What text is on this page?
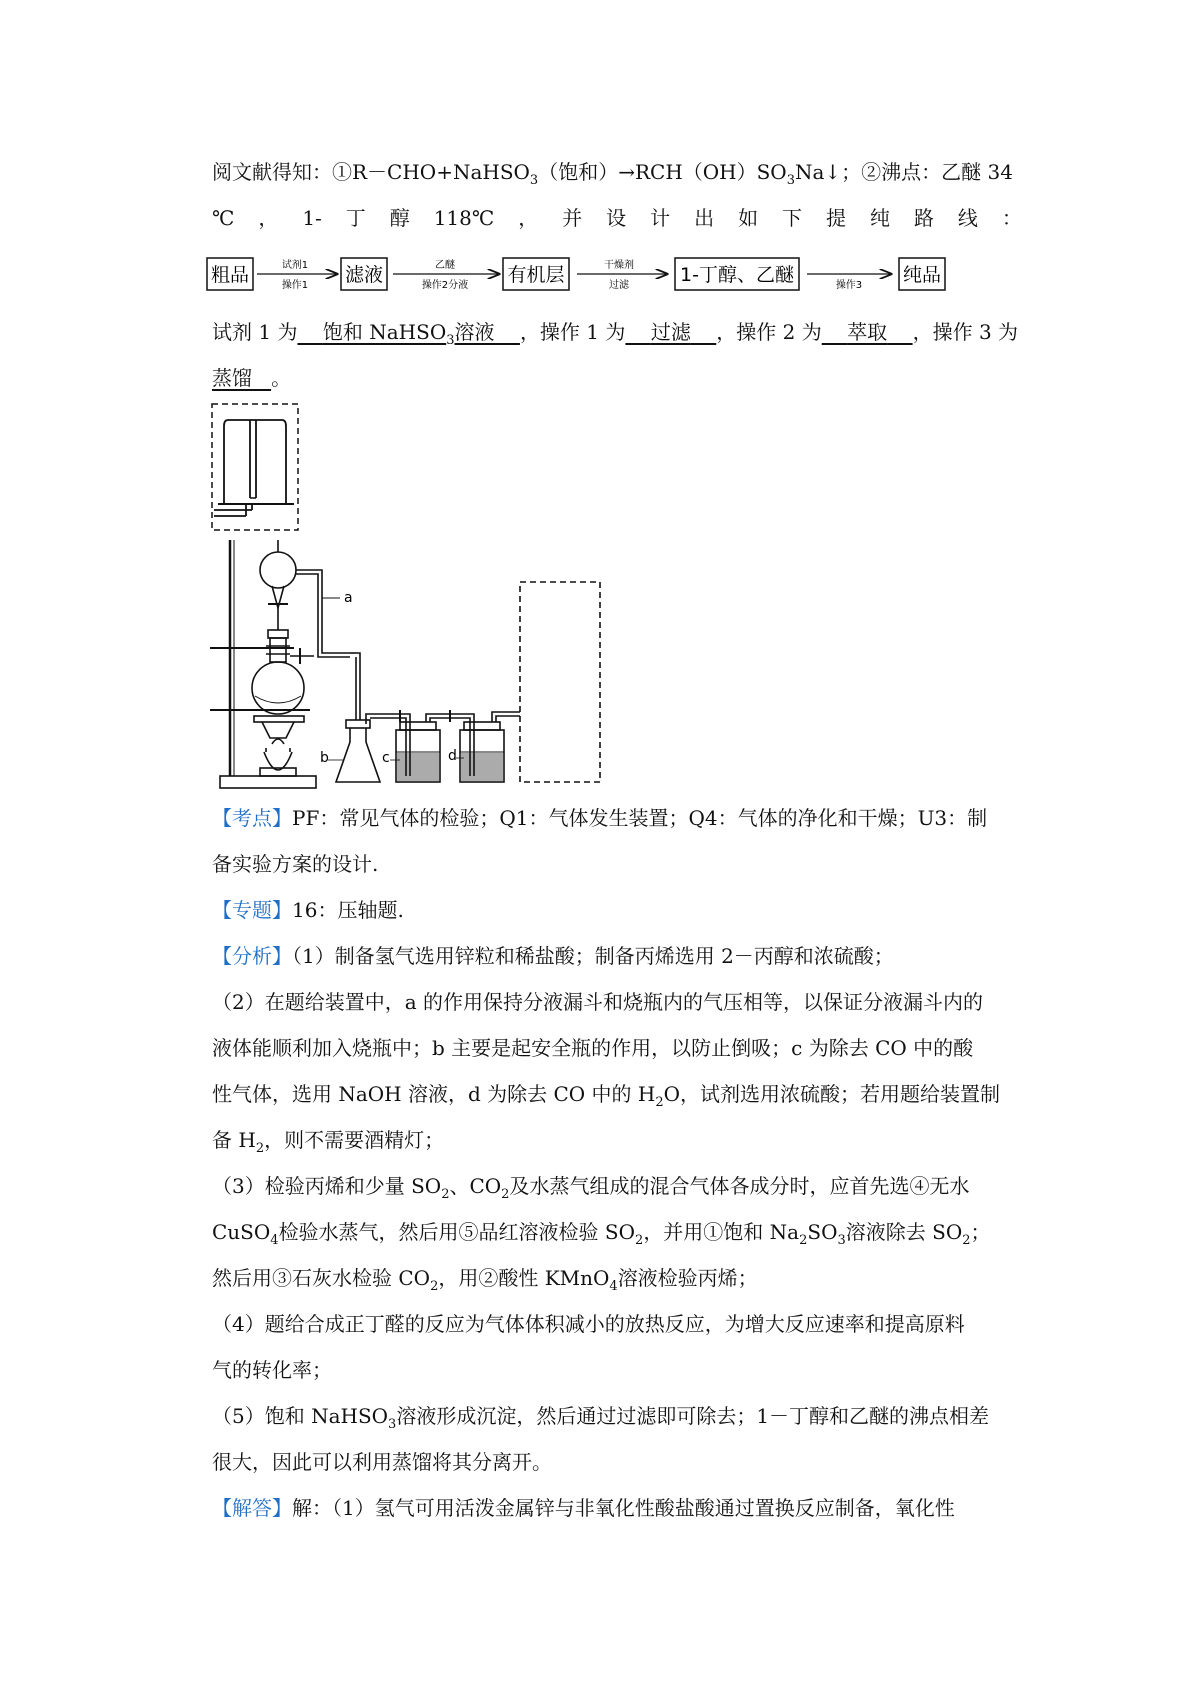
阅文献得知：①R－CHO+NaHSO$_3$（饱和）$\to RCH(OH)SO_3Na↓$；②沸点：乙醚 34
℃ ， 1- 丁 醇 118℃ ， 并 设 计 出 如 下 提 纯 路 线 ：
粗品	试剂1
操作1 滤液	乙醚
操作2分液 有机层	干燥剂
过滤	1-丁醇、乙醚	操作3 纯品
试剂 1 为 饱和 NaHSO$_3$溶液 ，操作 1 为 过滤 ，操作 2 为 萃取 ，操作 3 为
蒸馏 。
a
b	c	d
【考点】PF：常见气体的检验；Q1：气体发生装置；Q4：气体的净化和干燥；U3：制
备实验方案的设计.
【专题】16：压轴题.
【分析】（1）制备氢气选用锌粒和稀盐酸；制备丙烯选用 2－丙醇和浓硫酸；
（2）在题给装置中，a 的作用保持分液漏斗和烧瓶内的气压相等，以保证分液漏斗内的
液体能顺利加入烧瓶中；b 主要是起安全瓶的作用，以防止倒吸；c 为除去 CO 中的酸
性气体，选用 NaOH 溶液，d 为除去 CO 中的 $H_2O$，试剂选用浓硫酸；若用题给装置制
备 $H_2$，则不需要酒精灯；
（3）检验丙烯和少量 $SO_2$、$CO_2$及水蒸气组成的混合气体各成分时，应首先选④无水
CuSO$_4$检验水蒸气，然后用⑤品红溶液检验 $SO_2$，并用①饱和 $Na_2SO_3$溶液除去 $SO_2$；
然后用③石灰水检验 $CO_2$，用②酸性 KMnO$_4$溶液检验丙烯；
（4）题给合成正丁醛的反应为气体体积减小的放热反应，为增大反应速率和提高原料
气的转化率；
（5）饱和 NaHSO$_3$溶液形成沉淀，然后通过过滤即可除去；1－丁醇和乙醚的沸点相差
很大，因此可以利用蒸馏将其分离开。
【解答】解：（1）氢气可用活泼金属锌与非氧化性酸盐酸通过置换反应制备，氧化性
